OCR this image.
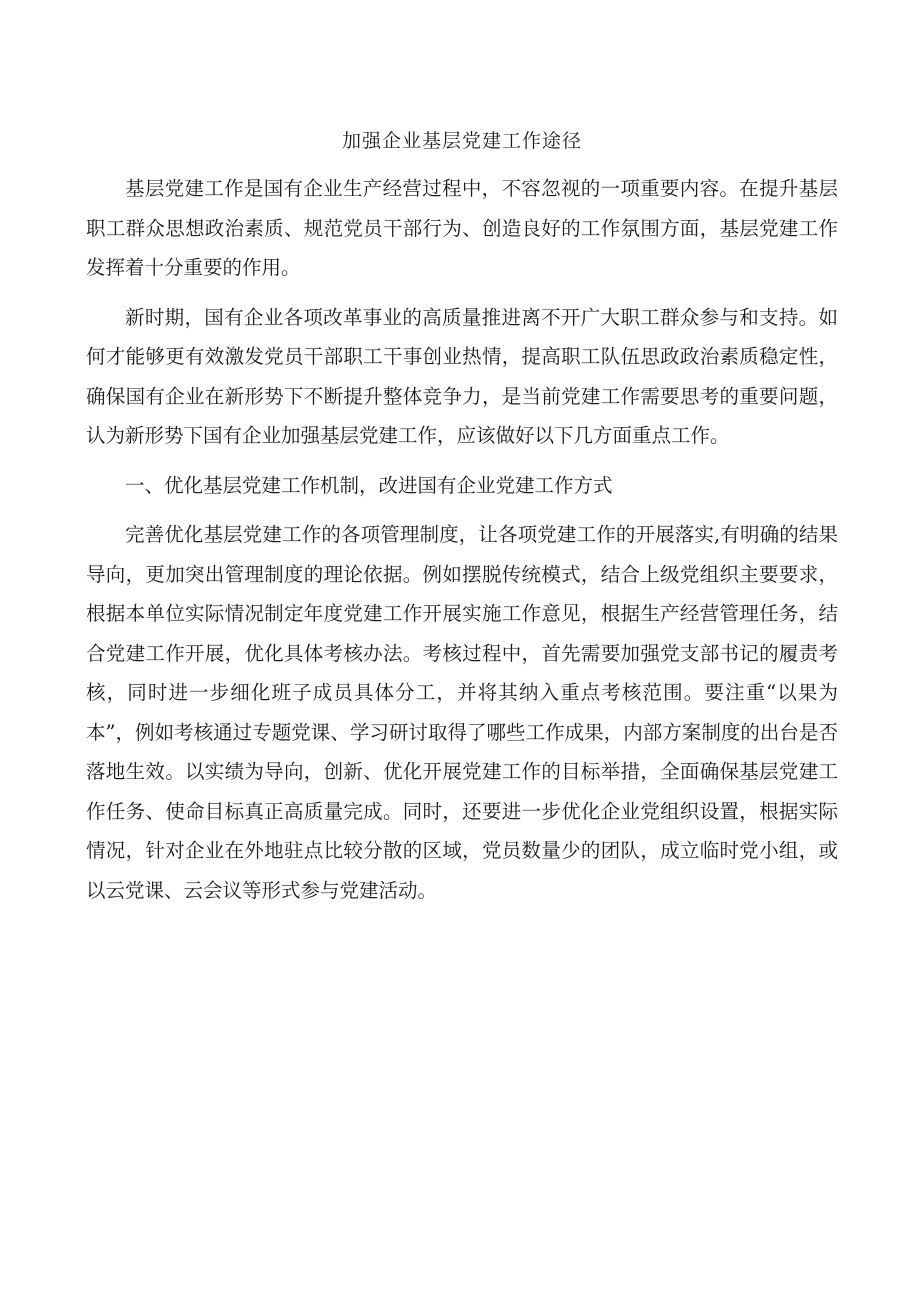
加强企业基层党建工作途径

基层党建工作是国有企业生产经营过程中，不容忽视的一项重要内容。在提升基层职工群众思想政治素质、规范党员干部行为、创造良好的工作氛围方面，基层党建工作发挥着十分重要的作用。

新时期，国有企业各项改革事业的高质量推进离不开广大职工群众参与和支持。如何才能够更有效激发党员干部职工干事创业热情，提高职工队伍思政政治素质稳定性，确保国有企业在新形势下不断提升整体竞争力，是当前党建工作需要思考的重要问题，认为新形势下国有企业加强基层党建工作，应该做好以下几方面重点工作。

一、优化基层党建工作机制，改进国有企业党建工作方式

完善优化基层党建工作的各项管理制度，让各项党建工作的开展落实,有明确的结果导向，更加突出管理制度的理论依据。例如摆脱传统模式，结合上级党组织主要要求，根据本单位实际情况制定年度党建工作开展实施工作意见，根据生产经营管理任务，结合党建工作开展，优化具体考核办法。考核过程中，首先需要加强党支部书记的履责考核，同时进一步细化班子成员具体分工，并将其纳入重点考核范围。要注重“以果为本”，例如考核通过专题党课、学习研讨取得了哪些工作成果，内部方案制度的出台是否落地生效。以实绩为导向，创新、优化开展党建工作的目标举措，全面确保基层党建工作任务、使命目标真正高质量完成。同时，还要进一步优化企业党组织设置，根据实际情况，针对企业在外地驻点比较分散的区域，党员数量少的团队，成立临时党小组，或以云党课、云会议等形式参与党建活动。
